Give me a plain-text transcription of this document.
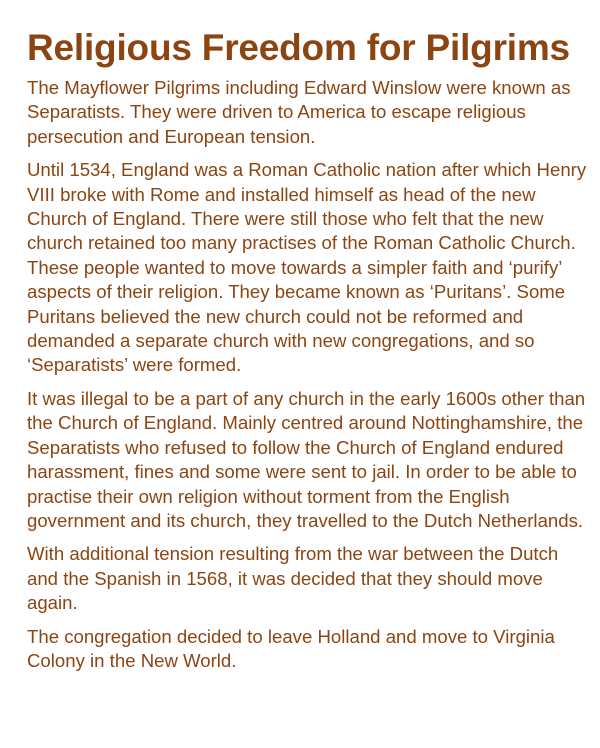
Religious Freedom for Pilgrims

The Mayflower Pilgrims including Edward Winslow were known as Separatists. They were driven to America to escape religious persecution and European tension.

Until 1534, England was a Roman Catholic nation after which Henry VIII broke with Rome and installed himself as head of the new Church of England. There were still those who felt that the new church retained too many practises of the Roman Catholic Church. These people wanted to move towards a simpler faith and ‘purify’ aspects of their religion. They became known as ‘Puritans’. Some Puritans believed the new church could not be reformed and demanded a separate church with new congregations, and so ‘Separatists’ were formed.

It was illegal to be a part of any church in the early 1600s other than the Church of England. Mainly centred around Nottinghamshire, the Separatists who refused to follow the Church of England endured harassment, fines and some were sent to jail. In order to be able to practise their own religion without torment from the English government and its church, they travelled to the Dutch Netherlands.

With additional tension resulting from the war between the Dutch and the Spanish in 1568, it was decided that they should move again.

The congregation decided to leave Holland and move to Virginia Colony in the New World.
